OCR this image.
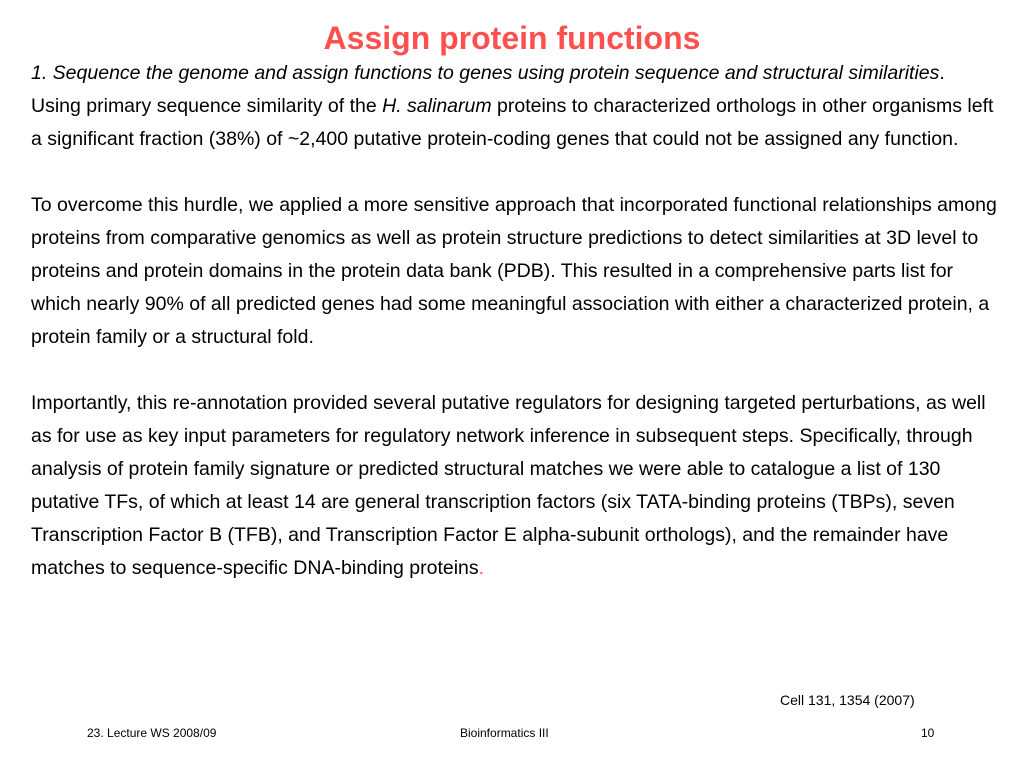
Assign protein functions

1. Sequence the genome and assign functions to genes using protein sequence and structural similarities.

Using primary sequence similarity of the H. salinarum proteins to characterized orthologs in other organisms left a significant fraction (38%) of ~2,400 putative protein-coding genes that could not be assigned any function.

To overcome this hurdle, we applied a more sensitive approach that incorporated functional relationships among proteins from comparative genomics as well as protein structure predictions to detect similarities at 3D level to proteins and protein domains in the protein data bank (PDB). This resulted in a comprehensive parts list for which nearly 90% of all predicted genes had some meaningful association with either a characterized protein, a protein family or a structural fold.

Importantly, this re-annotation provided several putative regulators for designing targeted perturbations, as well as for use as key input parameters for regulatory network inference in subsequent steps. Specifically, through analysis of protein family signature or predicted structural matches we were able to catalogue a list of 130 putative TFs, of which at least 14 are general transcription factors (six TATA-binding proteins (TBPs), seven Transcription Factor B (TFB), and Transcription Factor E alpha-subunit orthologs), and the remainder have matches to sequence-specific DNA-binding proteins.

Cell 131, 1354 (2007)
23. Lecture WS 2008/09	Bioinformatics III	10
